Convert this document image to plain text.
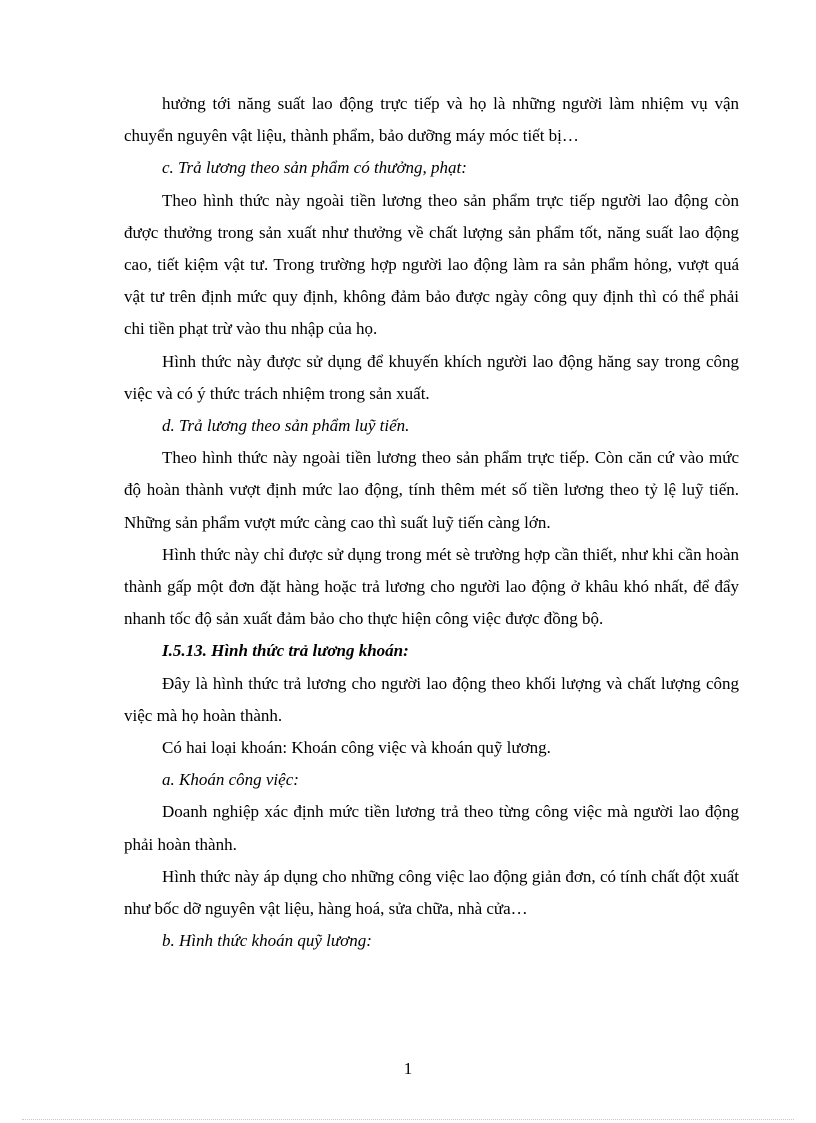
hưởng tới năng suất lao động trực tiếp và họ là những người làm nhiệm vụ vận chuyển nguyên vật liệu, thành phẩm, bảo dưỡng máy móc tiết bị…

c. Trả lương theo sản phẩm có thưởng, phạt:

Theo hình thức này ngoài tiền lương theo sản phẩm trực tiếp người lao động còn được thưởng trong sản xuất như thưởng về chất lượng sản phẩm tốt, năng suất lao động cao, tiết kiệm vật tư. Trong trường hợp người lao động làm ra sản phẩm hỏng, vượt quá vật tư trên định mức quy định, không đảm bảo được ngày công quy định thì có thể phải chi tiền phạt trừ vào thu nhập của họ.

Hình thức này được sử dụng để khuyến khích người lao động hăng say trong công việc và có ý thức trách nhiệm trong sản xuất.

d. Trả lương theo sản phẩm luỹ tiến.

Theo hình thức này ngoài tiền lương theo sản phẩm trực tiếp. Còn căn cứ vào mức độ hoàn thành vượt định mức lao động, tính thêm mét số tiền lương theo tỷ lệ luỹ tiến. Những sản phẩm vượt mức càng cao thì suất luỹ tiến càng lớn.

Hình thức này chỉ được sử dụng trong mét sè trường hợp cần thiết, như khi cần hoàn thành gấp một đơn đặt hàng hoặc trả lương cho người lao động ở khâu khó nhất, để đẩy nhanh tốc độ sản xuất đảm bảo cho thực hiện công việc được đồng bộ.

I.5.13. Hình thức trả lương khoán:

Đây là hình thức trả lương cho người lao động theo khối lượng và chất lượng công việc mà họ hoàn thành.

Có hai loại khoán: Khoán công việc và khoán quỹ lương.

a. Khoán công việc:

Doanh nghiệp xác định mức tiền lương trả theo từng công việc mà người lao động phải hoàn thành.

Hình thức này áp dụng cho những công việc lao động giản đơn, có tính chất đột xuất như bốc dỡ nguyên vật liệu, hàng hoá, sửa chữa, nhà cửa…

b. Hình thức khoán quỹ lương:

1
